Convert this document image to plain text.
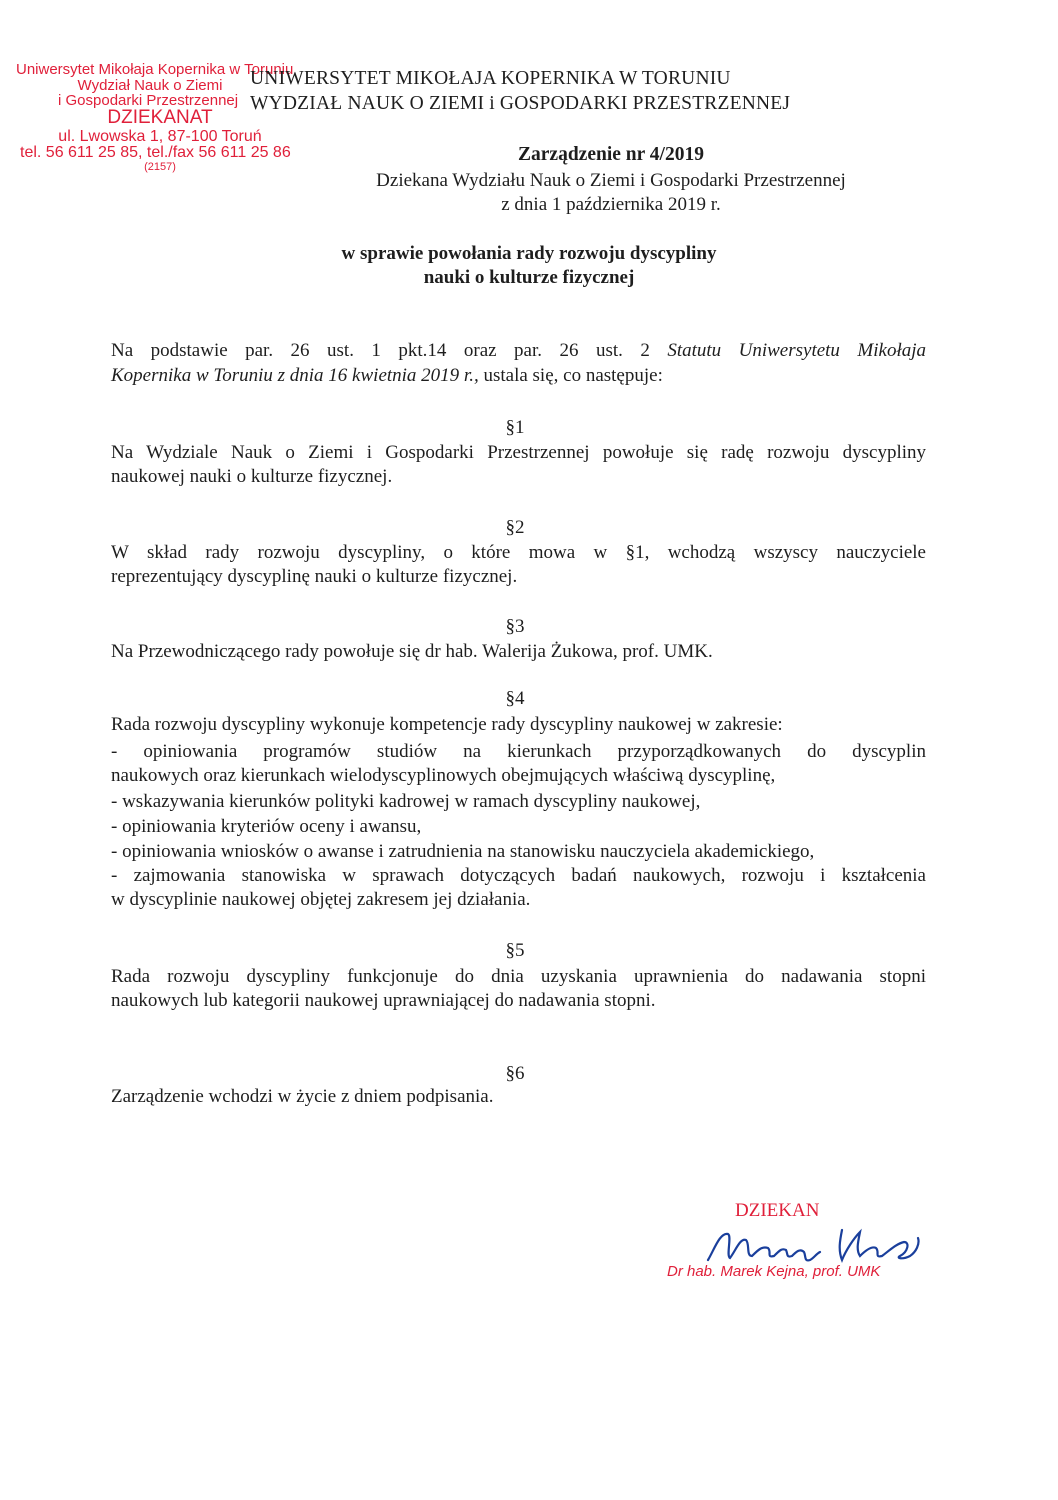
Uniwersytet Mikołaja Kopernika w Toruniu
Wydział Nauk o Ziemi
i Gospodarki Przestrzennej
DZIEKANAT
ul. Lwowska 1, 87-100 Toruń
tel. 56 611 25 85, tel./fax 56 611 25 86
(2157)
UNIWERSYTET MIKOŁAJA KOPERNIKA W TORUNIU
WYDZIAŁ NAUK O ZIEMI i GOSPODARKI PRZESTRZENNEJ
Zarządzenie nr 4/2019
Dziekana Wydziału Nauk o Ziemi i Gospodarki Przestrzennej
z dnia 1 października 2019 r.
w sprawie powołania rady rozwoju dyscypliny
nauki o kulturze fizycznej
Na podstawie par. 26 ust. 1 pkt.14 oraz par. 26 ust. 2 Statutu Uniwersytetu Mikołaja
Kopernika w Toruniu z dnia 16 kwietnia 2019 r., ustala się, co następuje:
§1
Na Wydziale Nauk o Ziemi i Gospodarki Przestrzennej powołuje się radę rozwoju dyscypliny
naukowej nauki o kulturze fizycznej.
§2
W skład rady rozwoju dyscypliny, o które mowa w §1, wchodzą wszyscy nauczyciele
reprezentujący dyscyplinę nauki o kulturze fizycznej.
§3
Na Przewodniczącego rady powołuje się dr hab. Walerija Żukowa, prof. UMK.
§4
Rada rozwoju dyscypliny wykonuje kompetencje rady dyscypliny naukowej w zakresie:
- opiniowania programów studiów na kierunkach przyporządkowanych do dyscyplin
naukowych oraz kierunkach wielodyscyplinowych obejmujących właściwą dyscyplinę,
- wskazywania kierunków polityki kadrowej w ramach dyscypliny naukowej,
- opiniowania kryteriów oceny i awansu,
- opiniowania wniosków o awanse i zatrudnienia na stanowisku nauczyciela akademickiego,
- zajmowania stanowiska w sprawach dotyczących badań naukowych, rozwoju i kształcenia
w dyscyplinie naukowej objętej zakresem jej działania.
§5
Rada rozwoju dyscypliny funkcjonuje do dnia uzyskania uprawnienia do nadawania stopni
naukowych lub kategorii naukowej uprawniającej do nadawania stopni.
§6
Zarządzenie wchodzi w życie z dniem podpisania.
DZIEKAN
Dr hab. Marek Kejna, prof. UMK
